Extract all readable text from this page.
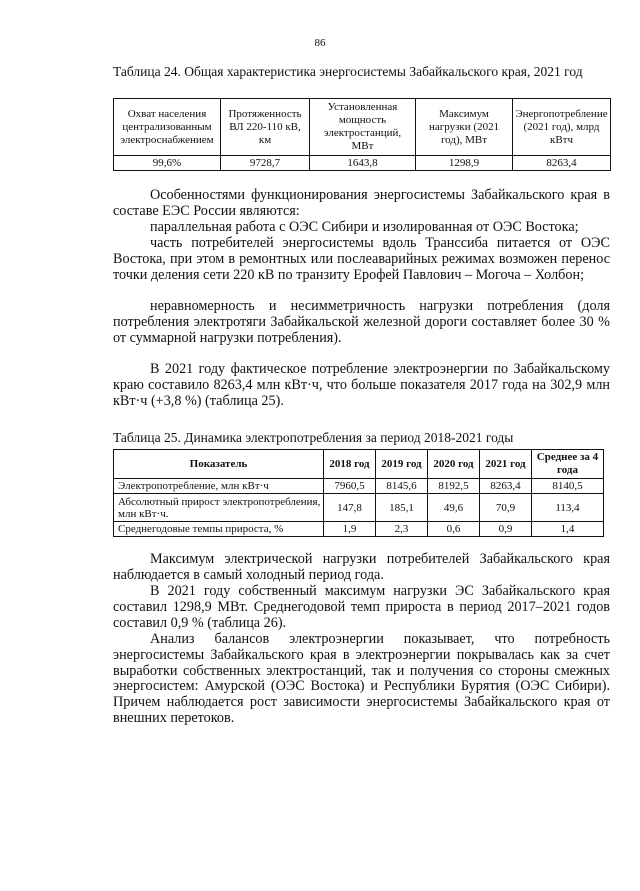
86
Таблица 24. Общая характеристика энергосистемы Забайкальского края, 2021 год
Охват населения централизованным электроснабжением	Протяженность ВЛ 220-110 кВ, км	Установленная мощность электростанций, МВт	Максимум нагрузки (2021 год), МВт	Энергопотребление (2021 год), млрд кВтч
99,6%	9728,7	1643,8	1298,9	8263,4

Особенностями функционирования энергосистемы Забайкальского края в составе ЕЭС России являются:

параллельная работа с ОЭС Сибири и изолированная от ОЭС Востока;

часть потребителей энергосистемы вдоль Транссиба питается от ОЭС Востока, при этом в ремонтных или послеаварийных режимах возможен перенос точки деления сети 220 кВ по транзиту Ерофей Павлович – Могоча – Холбон;

неравномерность и несимметричность нагрузки потребления (доля потребления электротяги Забайкальской железной дороги составляет более 30 % от суммарной нагрузки потребления).

В 2021 году фактическое потребление электроэнергии по Забайкальскому краю составило 8263,4 млн кВт·ч, что больше показателя 2017 года на 302,9 млн кВт·ч (+3,8 %) (таблица 25).

Таблица 25. Динамика электропотребления за период 2018-2021 годы
Показатель	2018 год	2019 год	2020 год	2021 год	Среднее за 4 года
Электропотребление, млн кВт·ч	7960,5	8145,6	8192,5	8263,4	8140,5
Абсолютный прирост электропотребления, млн кВт·ч.	147,8	185,1	49,6	70,9	113,4
Среднегодовые темпы прироста, %	1,9	2,3	0,6	0,9	1,4

Максимум электрической нагрузки потребителей Забайкальского края наблюдается в самый холодный период года.

В 2021 году собственный максимум нагрузки ЭС Забайкальского края составил 1298,9 МВт. Среднегодовой темп прироста в период 2017–2021 годов составил 0,9 % (таблица 26).

Анализ балансов электроэнергии показывает, что потребность энергосистемы Забайкальского края в электроэнергии покрывалась как за счет выработки собственных электростанций, так и получения со стороны смежных энергосистем: Амурской (ОЭС Востока) и Республики Бурятия (ОЭС Сибири). Причем наблюдается рост зависимости энергосистемы Забайкальского края от внешних перетоков.
